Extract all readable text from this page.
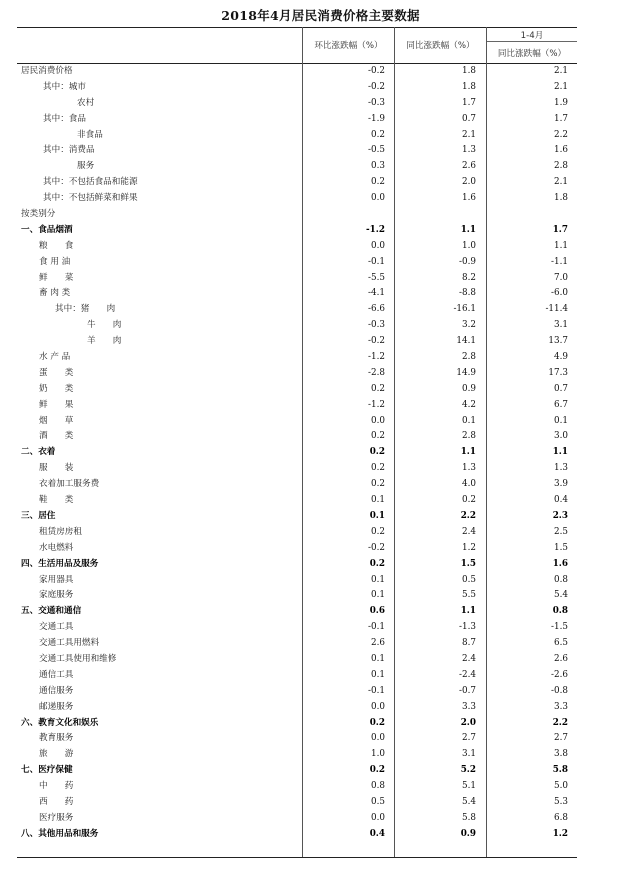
2018年4月居民消费价格主要数据
环比涨跌幅（%）	同比涨跌幅（%）
1-4月
同比涨跌幅（%）
居民消费价格	-0.2	1.8	2.1
其中：城市	-0.2	1.8	2.1
农村	-0.3	1.7	1.9
其中：食品	-1.9	0.7	1.7
非食品	0.2	2.1	2.2
其中：消费品	-0.5	1.3	1.6
服务	0.3	2.6	2.8
其中：不包括食品和能源	0.2	2.0	2.1
其中：不包括鲜菜和鲜果	0.0	1.6	1.8
按类别分
一、食品烟酒	-1.2	1.1	1.7
粮　　食	0.0	1.0	1.1
食 用 油	-0.1	-0.9	-1.1
鲜　　菜	-5.5	8.2	7.0
畜 肉 类	-4.1	-8.8	-6.0
其中：猪　　肉	-6.6	-16.1	-11.4
牛　　肉	-0.3	3.2	3.1
羊　　肉	-0.2	14.1	13.7
水 产 品	-1.2	2.8	4.9
蛋　　类	-2.8	14.9	17.3
奶　　类	0.2	0.9	0.7
鲜　　果	-1.2	4.2	6.7
烟　　草	0.0	0.1	0.1
酒　　类	0.2	2.8	3.0
二、衣着	0.2	1.1	1.1
服　　装	0.2	1.3	1.3
衣着加工服务费	0.2	4.0	3.9
鞋　　类	0.1	0.2	0.4
三、居住	0.1	2.2	2.3
租赁房房租	0.2	2.4	2.5
水电燃料	-0.2	1.2	1.5
四、生活用品及服务	0.2	1.5	1.6
家用器具	0.1	0.5	0.8
家庭服务	0.1	5.5	5.4
五、交通和通信	0.6	1.1	0.8
交通工具	-0.1	-1.3	-1.5
交通工具用燃料	2.6	8.7	6.5
交通工具使用和维修	0.1	2.4	2.6
通信工具	0.1	-2.4	-2.6
通信服务	-0.1	-0.7	-0.8
邮递服务	0.0	3.3	3.3
六、教育文化和娱乐	0.2	2.0	2.2
教育服务	0.0	2.7	2.7
旅　　游	1.0	3.1	3.8
七、医疗保健	0.2	5.2	5.8
中　　药	0.8	5.1	5.0
西　　药	0.5	5.4	5.3
医疗服务	0.0	5.8	6.8
八、其他用品和服务	0.4	0.9	1.2
